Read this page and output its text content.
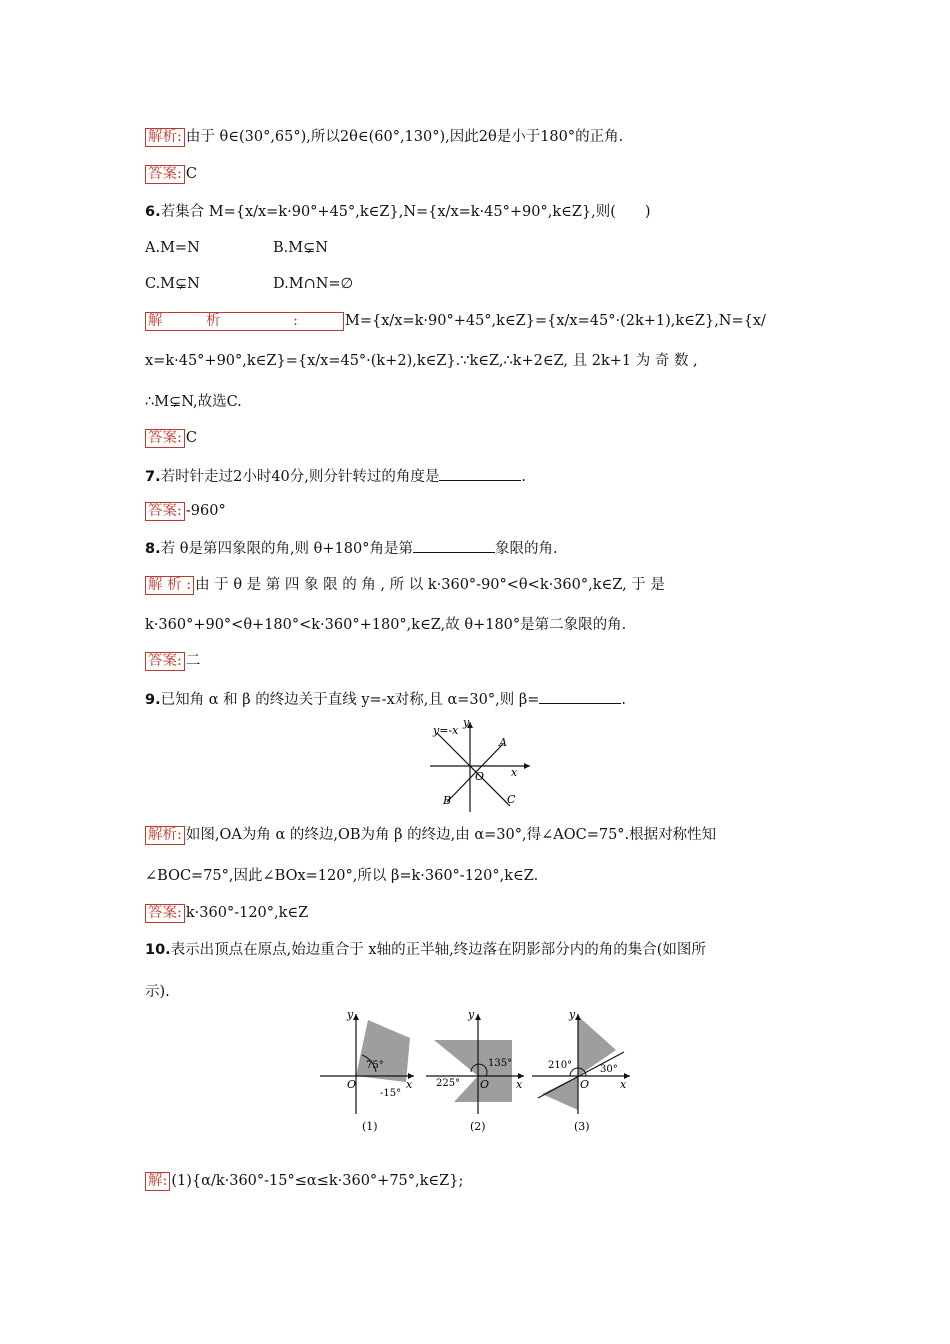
解析: 由于 θ∈(30°,65°),所以2θ∈(60°,130°),因此2θ是小于180°的正角.
答案: C
6.若集合 M={x/x=k·90°+45°,k∈Z},N={x/x=k·45°+90°,k∈Z},则(　　)
A.M=N	B.M⊊N
C.M⊊N	D.M∩N=∅
解　　　析　　　　　:	M={x/x=k·90°+45°,k∈Z}={x/x=45°·(2k+1),k∈Z},N={x/
x=k·45°+90°,k∈Z}={x/x=45°·(k+2),k∈Z}.∵k∈Z,∴k+2∈Z, 且 2k+1 为 奇 数 ,
∴M⊊N,故选C.
答案: C
7.若时针走过2小时40分,则分针转过的角度是	.
答案: -960°
8.若 θ是第四象限的角,则 θ+180°角是第	象限的角.
解 析 : 由 于 θ 是 第 四 象 限 的 角 , 所 以 k·360°-90°<θ<k·360°,k∈Z, 于 是
k·360°+90°<θ+180°<k·360°+180°,k∈Z,故 θ+180°是第二象限的角.
答案: 二
9.已知角 α 和 β 的终边关于直线 y=-x对称,且 α=30°,则 β=	.
y=-x
y
x
A
B	C
O
解析: 如图,OA为角 α 的终边,OB为角 β 的终边,由 α=30°,得∠AOC=75°.根据对称性知
∠BOC=75°,因此∠BOx=120°,所以 β=k·360°-120°,k∈Z.
答案: k·360°-120°,k∈Z
10.表示出顶点在原点,始边重合于 x轴的正半轴,终边落在阴影部分内的角的集合(如图所
示).
y
x
O
75°
-15°
(1)
y
x
O
135°
225°
(2)
y
x
O
210°	30°
(3)
解: (1){α/k·360°-15°≤α≤k·360°+75°,k∈Z};
